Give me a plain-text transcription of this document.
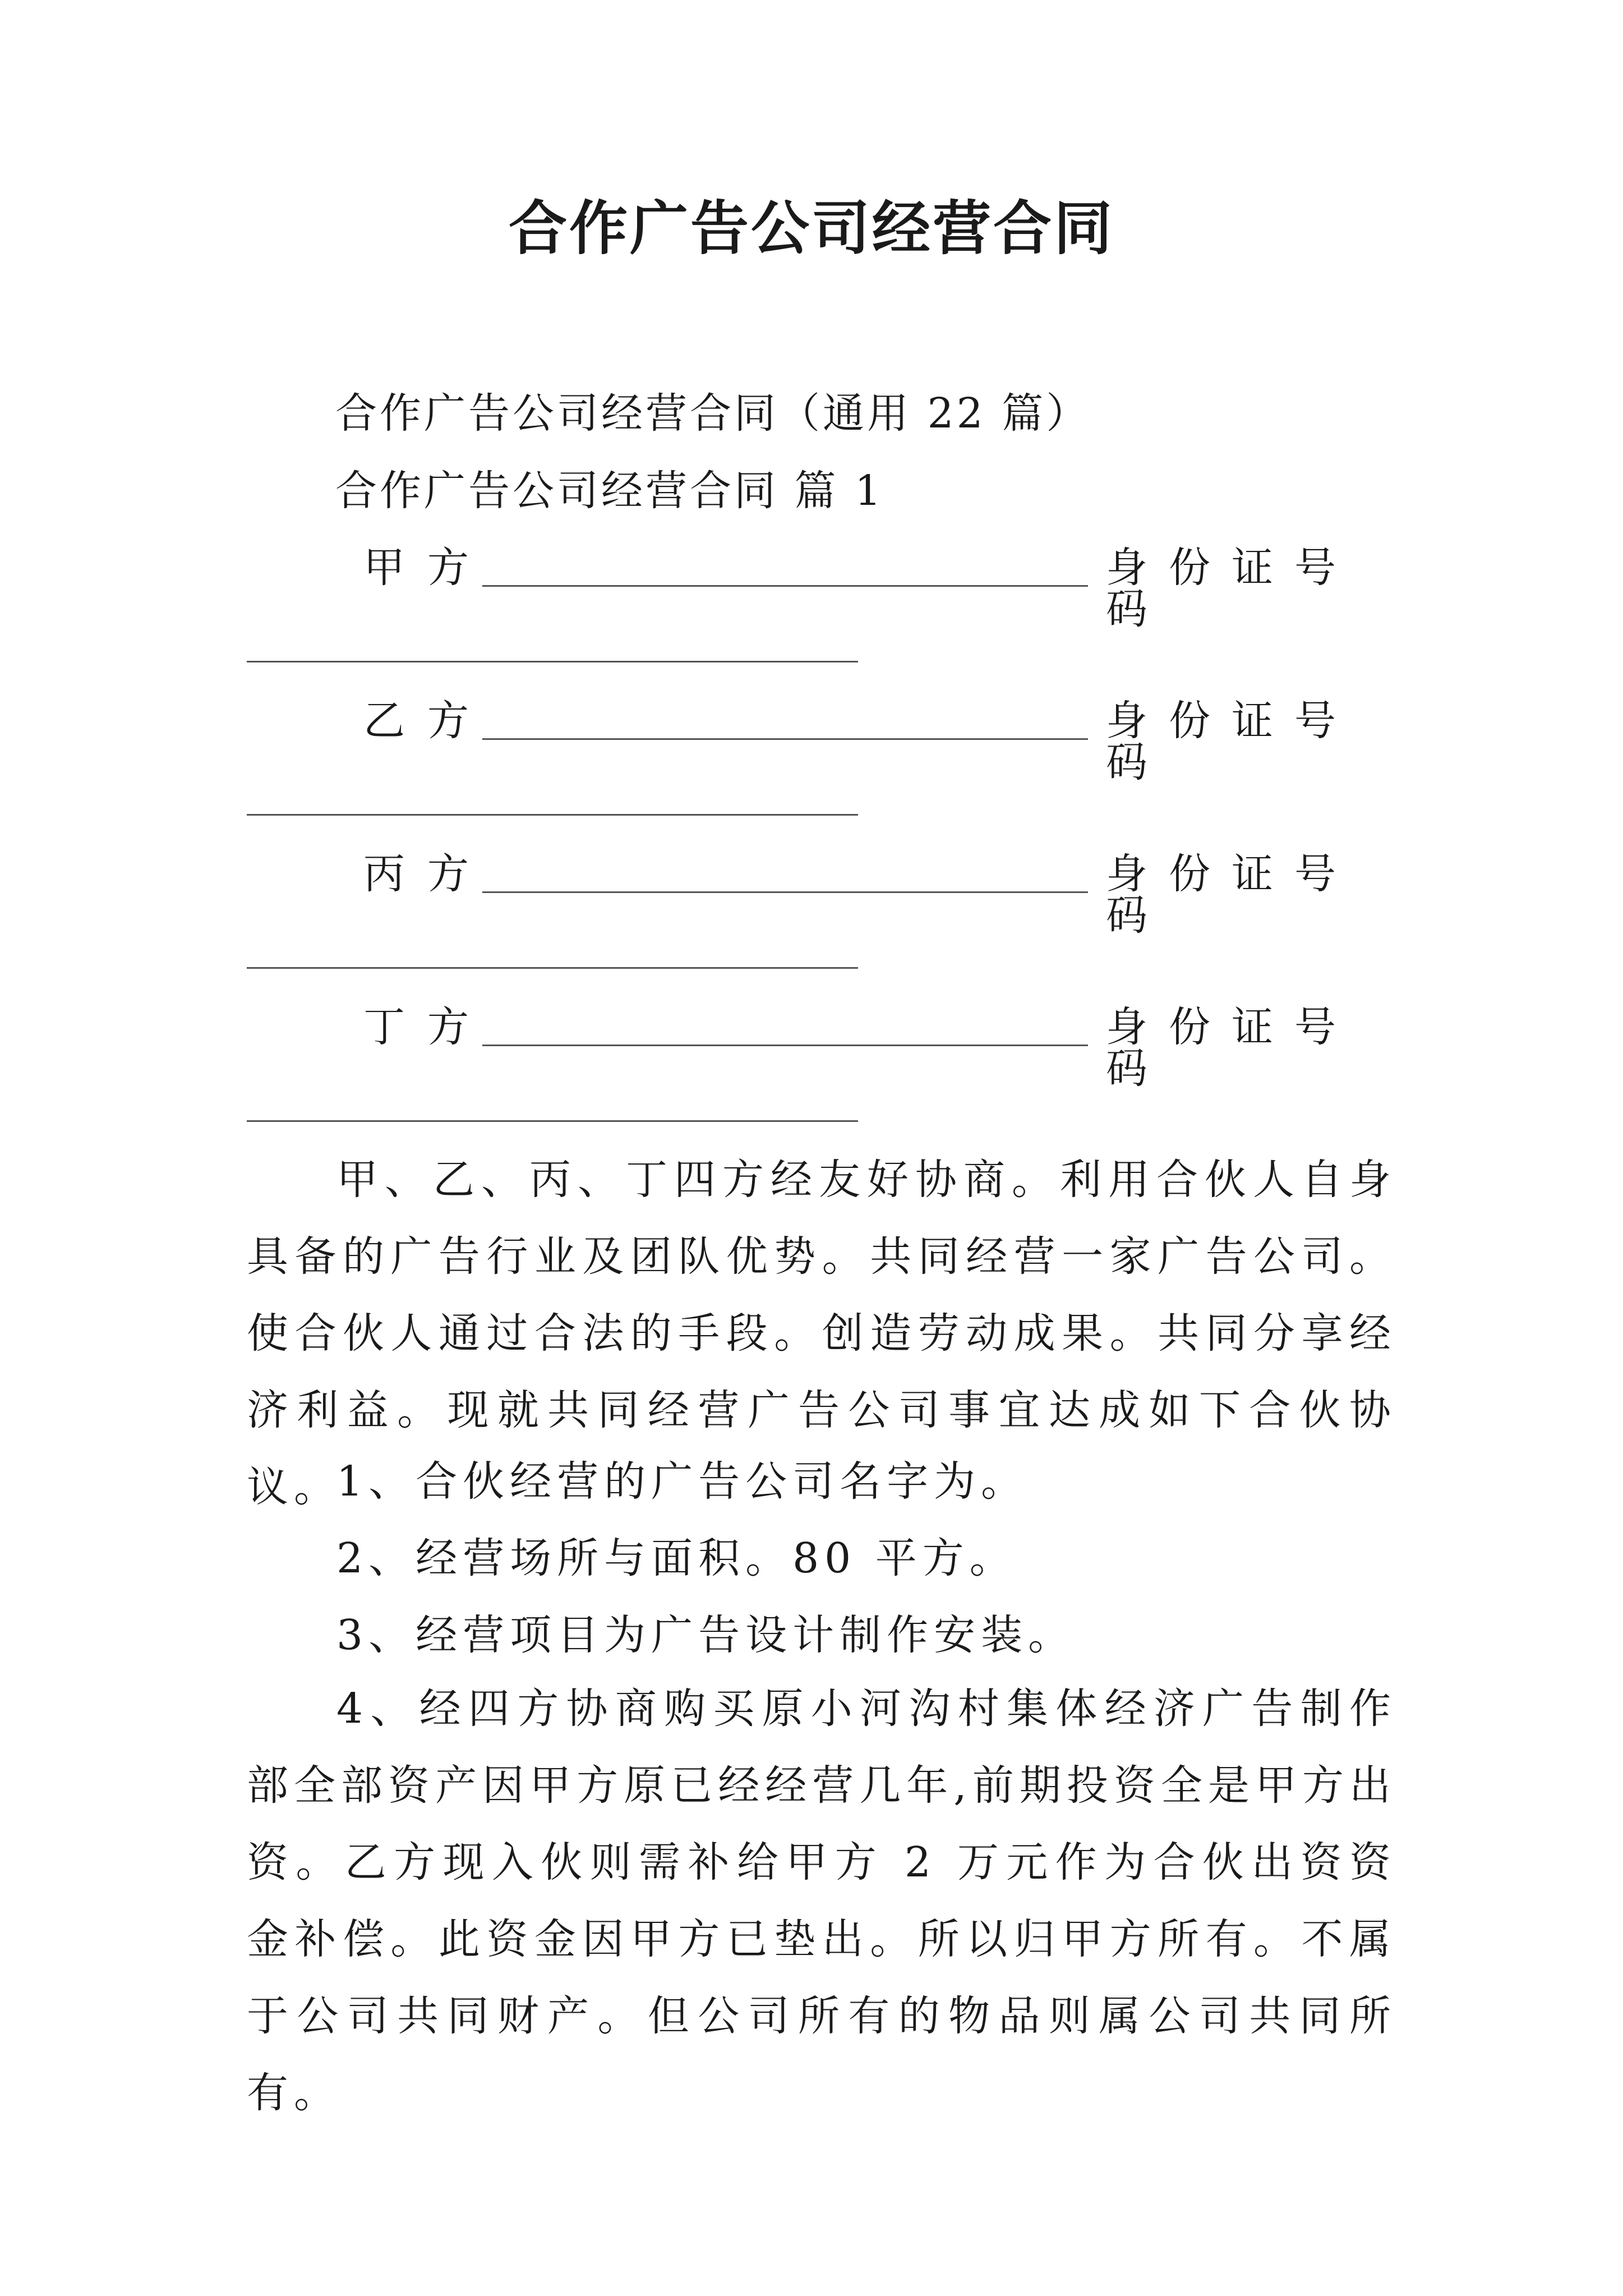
合作广告公司经营合同
合作广告公司经营合同（通用 22 篇）
合作广告公司经营合同 篇 1
甲方	身份证号码
乙方	身份证号码
丙方	身份证号码
丁方	身份证号码
甲、乙、丙、丁四方经友好协商。利用合伙人自身具备的广告行业及团队优势。共同经营一家广告公司。使合伙人通过合法的手段。创造劳动成果。共同分享经济利益。现就共同经营广告公司事宜达成如下合伙协议。
1、合伙经营的广告公司名字为。
2、经营场所与面积。80 平方。
3、经营项目为广告设计制作安装。
4、经四方协商购买原小河沟村集体经济广告制作部全部资产因甲方原已经经营几年,前期投资全是甲方出资。乙方现入伙则需补给甲方 2 万元作为合伙出资资金补偿。此资金因甲方已垫出。所以归甲方所有。不属于公司共同财产。但公司所有的物品则属公司共同所有。
